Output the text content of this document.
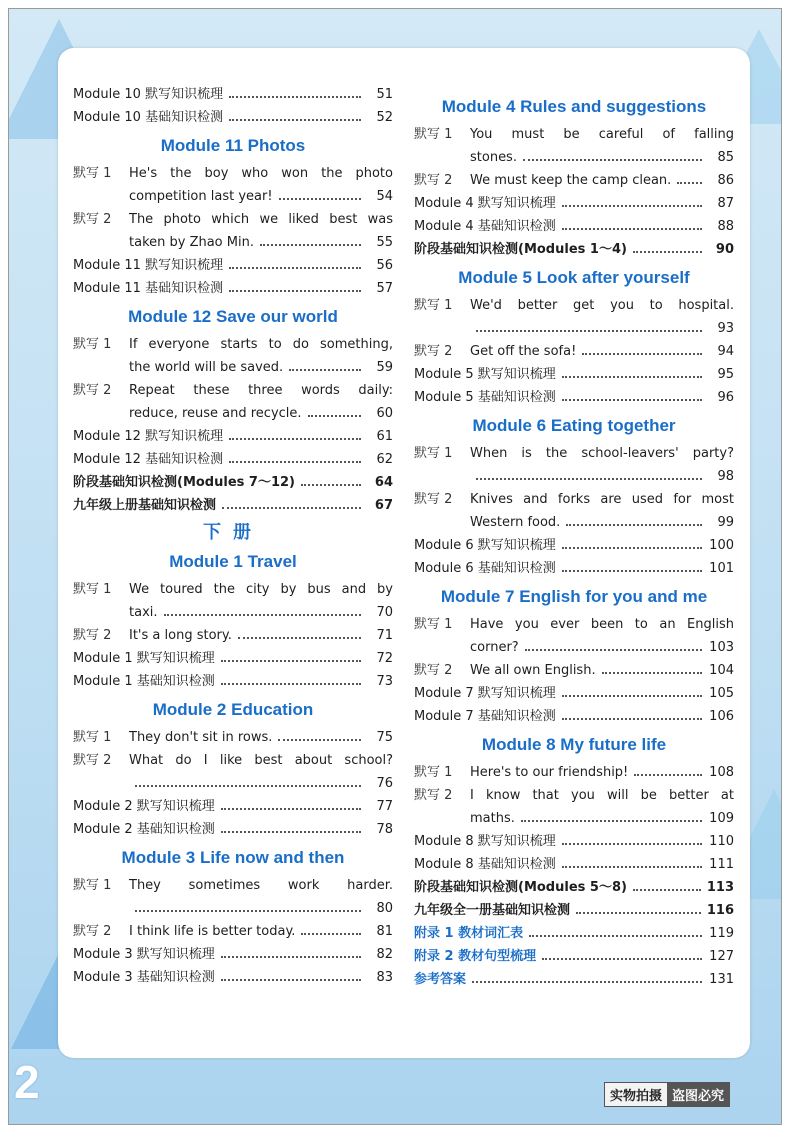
Module 10 默写知识梳理	51
Module 10 基础知识检测	52
Module 11 Photos
默写 1	He's the boy who won the photo
competition last year!	54
默写 2	The photo which we liked best was
taken by Zhao Min.	55
Module 11 默写知识梳理	56
Module 11 基础知识检测	57
Module 12 Save our world
默写 1	If everyone starts to do something,
the world will be saved.	59
默写 2	Repeat these three words daily:
reduce, reuse and recycle.	60
Module 12 默写知识梳理	61
Module 12 基础知识检测	62
阶段基础知识检测(Modules 7～12)	64
九年级上册基础知识检测	67
下册
Module 1 Travel
默写 1	We toured the city by bus and by
taxi.	70
默写 2	It's a long story.	71
Module 1 默写知识梳理	72
Module 1 基础知识检测	73
Module 2 Education
默写 1	They don't sit in rows.	75
默写 2	What do I like best about school?
76
Module 2 默写知识梳理	77
Module 2 基础知识检测	78
Module 3 Life now and then
默写 1	They sometimes work harder.
80
默写 2	I think life is better today.	81
Module 3 默写知识梳理	82
Module 3 基础知识检测	83
Module 4 Rules and suggestions
默写 1	You must be careful of falling
stones.	85
默写 2	We must keep the camp clean.	86
Module 4 默写知识梳理	87
Module 4 基础知识检测	88
阶段基础知识检测(Modules 1～4)	90
Module 5 Look after yourself
默写 1	We'd better get you to hospital.
93
默写 2	Get off the sofa!	94
Module 5 默写知识梳理	95
Module 5 基础知识检测	96
Module 6 Eating together
默写 1	When is the school-leavers' party?
98
默写 2	Knives and forks are used for most
Western food.	99
Module 6 默写知识梳理	100
Module 6 基础知识检测	101
Module 7 English for you and me
默写 1	Have you ever been to an English
corner?	103
默写 2	We all own English.	104
Module 7 默写知识梳理	105
Module 7 基础知识检测	106
Module 8 My future life
默写 1	Here's to our friendship!	108
默写 2	I know that you will be better at
maths.	109
Module 8 默写知识梳理	110
Module 8 基础知识检测	111
阶段基础知识检测(Modules 5～8)	113
九年级全一册基础知识检测	116
附录 1 教材词汇表	119
附录 2 教材句型梳理	127
参考答案	131
2	实物拍摄 盗图必究
